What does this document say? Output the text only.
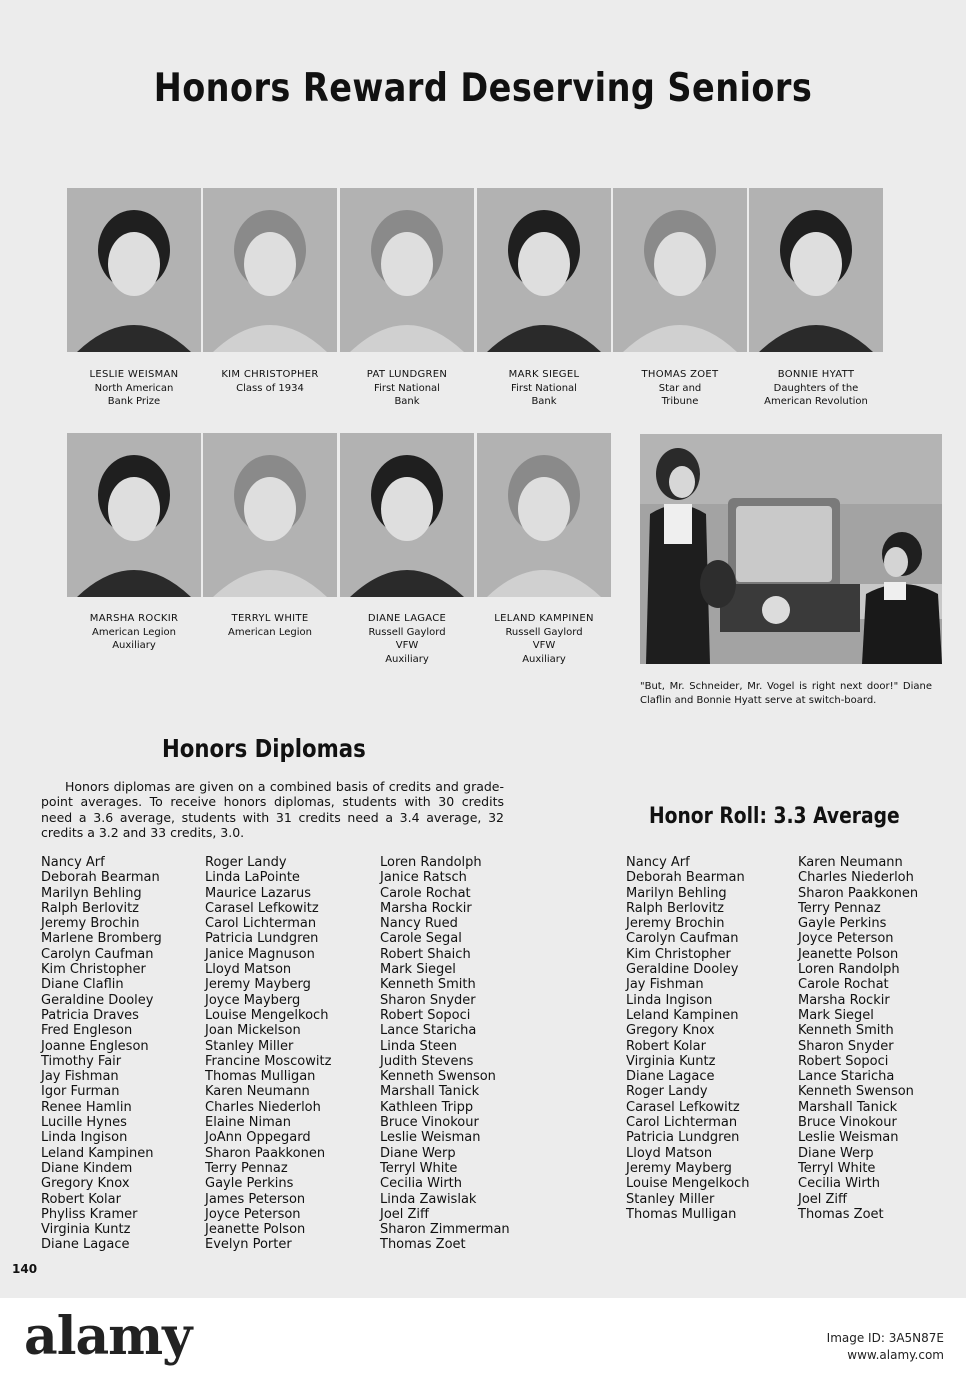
Honors Reward Deserving Seniors
LESLIE WEISMAN
North American
Bank Prize
KIM CHRISTOPHER
Class of 1934
PAT LUNDGREN
First National
Bank
MARK SIEGEL
First National
Bank
THOMAS ZOET
Star and
Tribune
BONNIE HYATT
Daughters of the
American Revolution
MARSHA ROCKIR
American Legion
Auxiliary
TERRYL WHITE
American Legion
DIANE LAGACE
Russell Gaylord
VFW
Auxiliary
LELAND KAMPINEN
Russell Gaylord
VFW
Auxiliary
"But, Mr. Schneider, Mr. Vogel is right next door!" Diane Claflin and Bonnie Hyatt serve at switch-board.
Honors Diplomas
Honors diplomas are given on a combined basis of credits and grade-point averages. To receive honors diplomas, students with 30 credits need a 3.6 average, students with 31 credits need a 3.4 average, 32 credits a 3.2 and 33 credits, 3.0.
Nancy Arf
Deborah Bearman
Marilyn Behling
Ralph Berlovitz
Jeremy Brochin
Marlene Bromberg
Carolyn Caufman
Kim Christopher
Diane Claflin
Geraldine Dooley
Patricia Draves
Fred Engleson
Joanne Engleson
Timothy Fair
Jay Fishman
Igor Furman
Renee Hamlin
Lucille Hynes
Linda Ingison
Leland Kampinen
Diane Kindem
Gregory Knox
Robert Kolar
Phyliss Kramer
Virginia Kuntz
Diane Lagace
Roger Landy
Linda LaPointe
Maurice Lazarus
Carasel Lefkowitz
Carol Lichterman
Patricia Lundgren
Janice Magnuson
Lloyd Matson
Jeremy Mayberg
Joyce Mayberg
Louise Mengelkoch
Joan Mickelson
Stanley Miller
Francine Moscowitz
Thomas Mulligan
Karen Neumann
Charles Niederloh
Elaine Niman
JoAnn Oppegard
Sharon Paakkonen
Terry Pennaz
Gayle Perkins
James Peterson
Joyce Peterson
Jeanette Polson
Evelyn Porter
Loren Randolph
Janice Ratsch
Carole Rochat
Marsha Rockir
Nancy Rued
Carole Segal
Robert Shaich
Mark Siegel
Kenneth Smith
Sharon Snyder
Robert Sopoci
Lance Staricha
Linda Steen
Judith Stevens
Kenneth Swenson
Marshall Tanick
Kathleen Tripp
Bruce Vinokour
Leslie Weisman
Diane Werp
Terryl White
Cecilia Wirth
Linda Zawislak
Joel Ziff
Sharon Zimmerman
Thomas Zoet
Honor Roll: 3.3 Average
Nancy Arf
Deborah Bearman
Marilyn Behling
Ralph Berlovitz
Jeremy Brochin
Carolyn Caufman
Kim Christopher
Geraldine Dooley
Jay Fishman
Linda Ingison
Leland Kampinen
Gregory Knox
Robert Kolar
Virginia Kuntz
Diane Lagace
Roger Landy
Carasel Lefkowitz
Carol Lichterman
Patricia Lundgren
Lloyd Matson
Jeremy Mayberg
Louise Mengelkoch
Stanley Miller
Thomas Mulligan
Karen Neumann
Charles Niederloh
Sharon Paakkonen
Terry Pennaz
Gayle Perkins
Joyce Peterson
Jeanette Polson
Loren Randolph
Carole Rochat
Marsha Rockir
Mark Siegel
Kenneth Smith
Sharon Snyder
Robert Sopoci
Lance Staricha
Kenneth Swenson
Marshall Tanick
Bruce Vinokour
Leslie Weisman
Diane Werp
Terryl White
Cecilia Wirth
Joel Ziff
Thomas Zoet
140
alamy	Image ID: 3A5N87E
www.alamy.com
